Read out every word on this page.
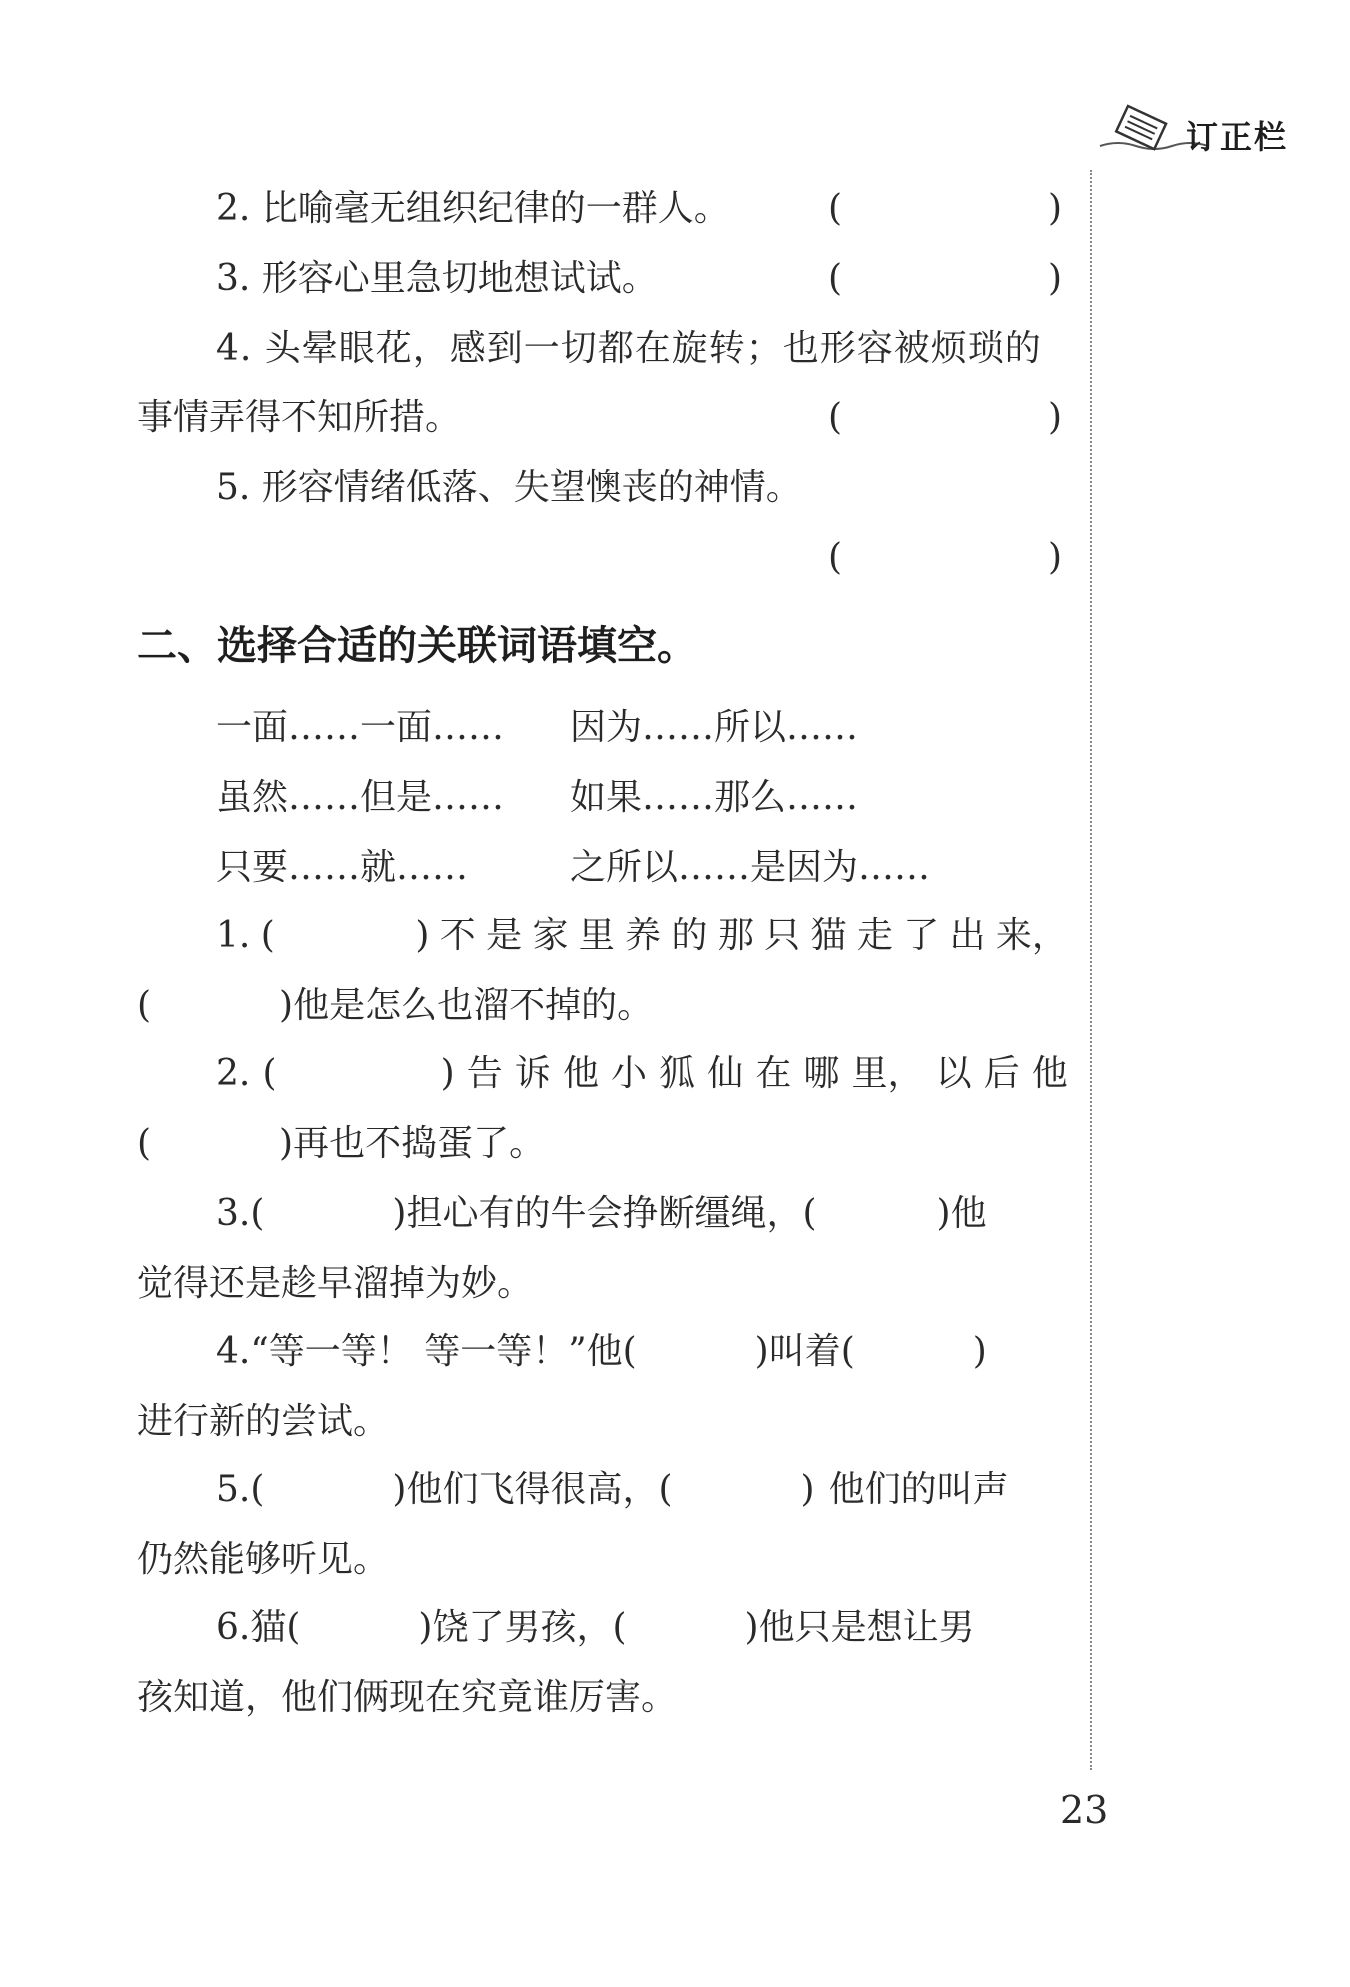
订正栏
2. 比喻毫无组织纪律的一群人。	(	)
3. 形容心里急切地想试试。	(	)
4. 头晕眼花，感到一切都在旋转；也形容被烦琐的
事情弄得不知所措。	(	)
5. 形容情绪低落、失望懊丧的神情。
(	)
二、选择合适的关联词语填空。
一面……一面…… 因为……所以……
虽然……但是…… 如果……那么……
只要……就……	之所以……是因为……
1. (	) 不 是 家 里 养 的 那 只 猫 走 了 出 来，
(	)他是怎么也溜不掉的。
2. (	) 告 诉 他 小 狐 仙 在 哪 里， 以 后 他
(	)再也不捣蛋了。
3.(	)担心有的牛会挣断缰绳，(	)他
觉得还是趁早溜掉为妙。
4.“等一等！ 等一等！”他(	)叫着(	)
进行新的尝试。
5.(	)他们飞得很高，(	) 他们的叫声
仍然能够听见。
6.猫(	)饶了男孩，(	)他只是想让男
孩知道，他们俩现在究竟谁厉害。
23
